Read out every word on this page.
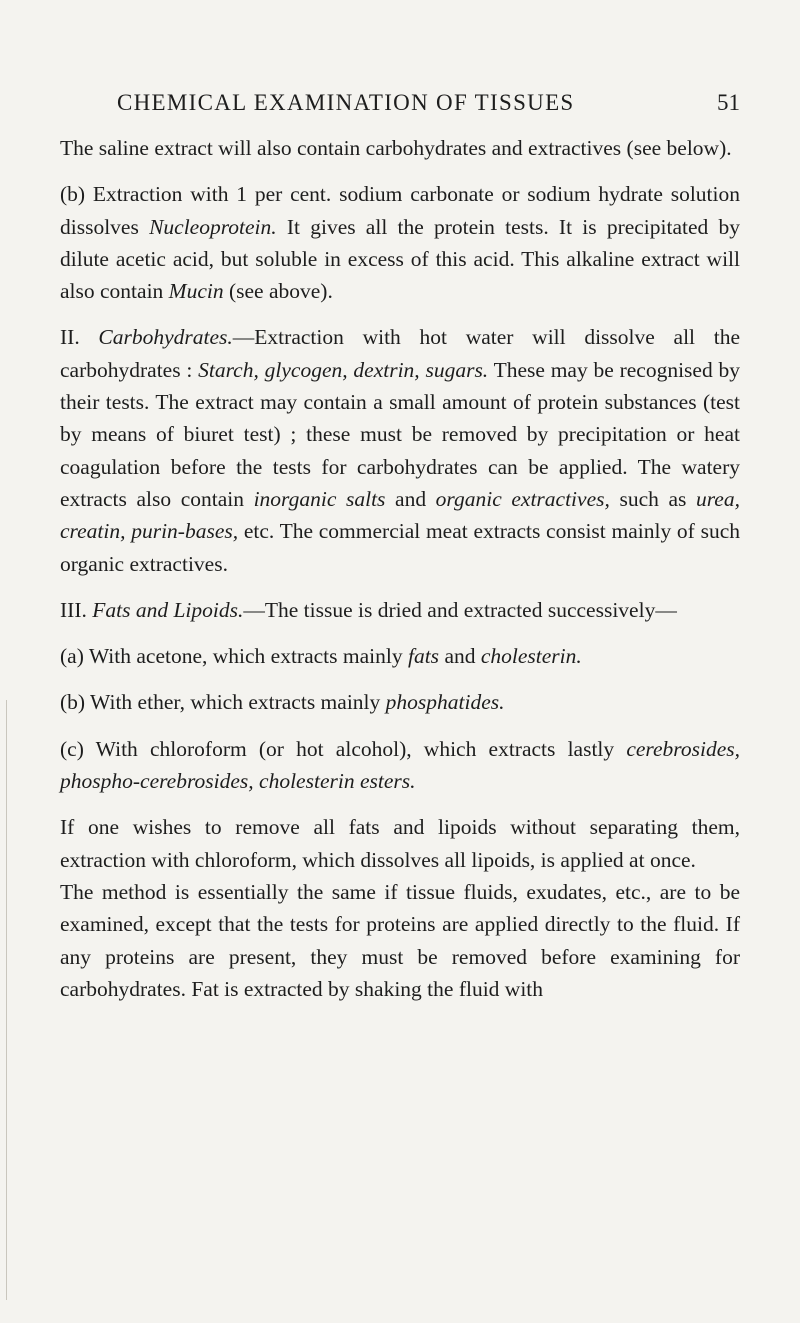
CHEMICAL EXAMINATION OF TISSUES	51

The saline extract will also contain carbohydrates and extractives (see below).

(b) Extraction with 1 per cent. sodium carbonate or sodium hydrate solution dissolves Nucleoprotein. It gives all the protein tests. It is precipitated by dilute acetic acid, but soluble in excess of this acid. This alkaline extract will also contain Mucin (see above).

II. Carbohydrates.—Extraction with hot water will dissolve all the carbohydrates : Starch, glycogen, dextrin, sugars. These may be recognised by their tests. The extract may contain a small amount of protein substances (test by means of biuret test) ; these must be removed by precipitation or heat coagulation before the tests for carbohydrates can be applied. The watery extracts also contain inorganic salts and organic extractives, such as urea, creatin, purin-bases, etc. The commercial meat extracts consist mainly of such organic extractives.

III. Fats and Lipoids.—The tissue is dried and extracted successively—

(a) With acetone, which extracts mainly fats and cholesterin.

(b) With ether, which extracts mainly phosphatides.

(c) With chloroform (or hot alcohol), which extracts lastly cerebrosides, phospho-cerebrosides, cholesterin esters.

If one wishes to remove all fats and lipoids without separating them, extraction with chloroform, which dissolves all lipoids, is applied at once.

The method is essentially the same if tissue fluids, exudates, etc., are to be examined, except that the tests for proteins are applied directly to the fluid. If any proteins are present, they must be removed before examining for carbohydrates. Fat is extracted by shaking the fluid with
